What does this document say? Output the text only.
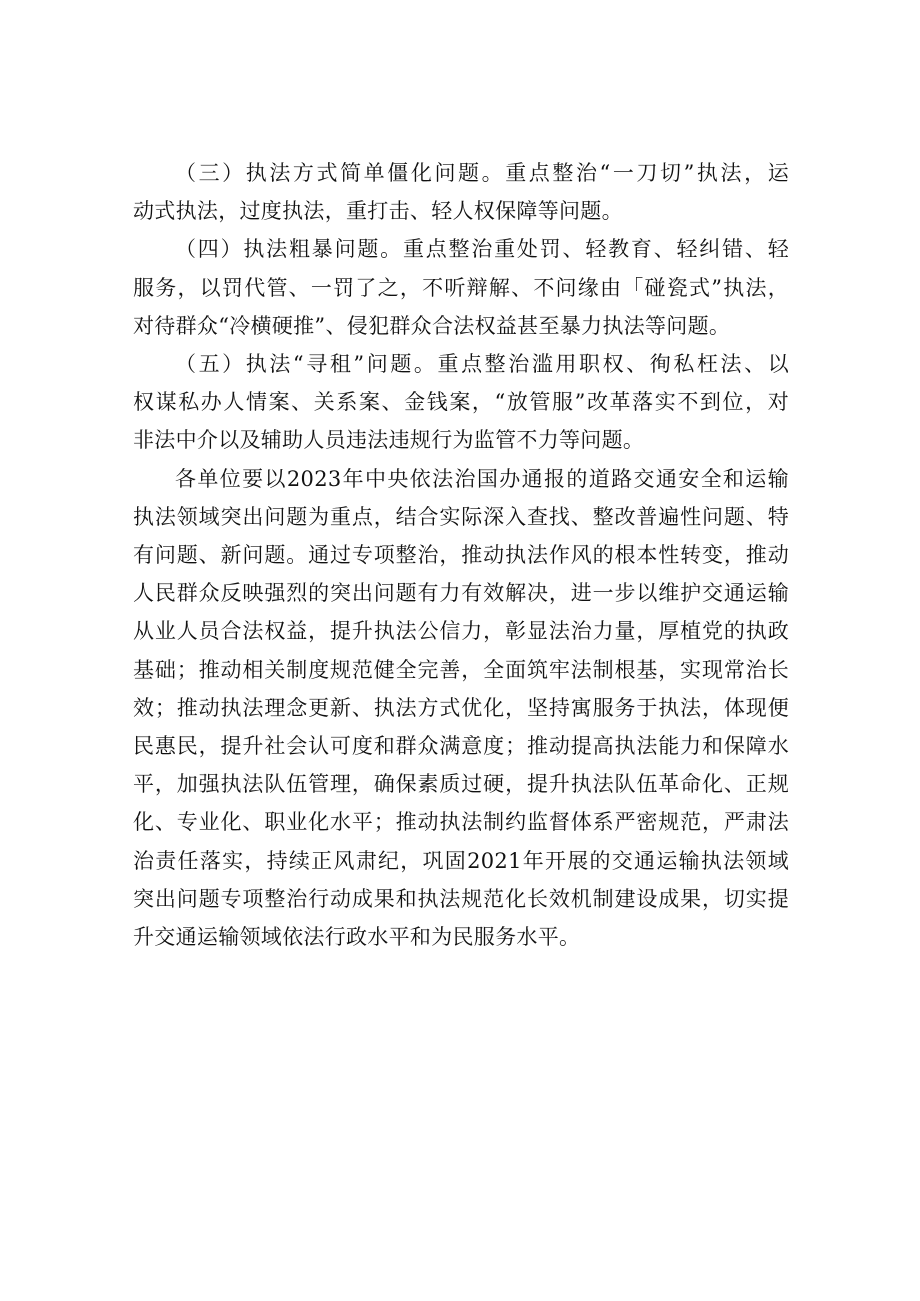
（三）执法方式简单僵化问题。重点整治“一刀切”执法，运
动式执法，过度执法，重打击、轻人权保障等问题。
（四）执法粗暴问题。重点整治重处罚、轻教育、轻纠错、轻
服务，以罚代管、一罚了之，不听辩解、不问缘由「碰瓷式”执法，
对待群众“冷横硬推”、侵犯群众合法权益甚至暴力执法等问题。
（五）执法“寻租”问题。重点整治滥用职权、徇私枉法、以
权谋私办人情案、关系案、金钱案，“放管服”改革落实不到位，对
非法中介以及辅助人员违法违规行为监管不力等问题。
各单位要以2023年中央依法治国办通报的道路交通安全和运输
执法领域突出问题为重点，结合实际深入查找、整改普遍性问题、特
有问题、新问题。通过专项整治，推动执法作风的根本性转变，推动
人民群众反映强烈的突出问题有力有效解决，进一步以维护交通运输
从业人员合法权益，提升执法公信力，彰显法治力量，厚植党的执政
基础；推动相关制度规范健全完善，全面筑牢法制根基，实现常治长
效；推动执法理念更新、执法方式优化，坚持寓服务于执法，体现便
民惠民，提升社会认可度和群众满意度；推动提高执法能力和保障水
平，加强执法队伍管理，确保素质过硬，提升执法队伍革命化、正规
化、专业化、职业化水平；推动执法制约监督体系严密规范，严肃法
治责任落实，持续正风肃纪，巩固2021年开展的交通运输执法领域
突出问题专项整治行动成果和执法规范化长效机制建设成果，切实提
升交通运输领域依法行政水平和为民服务水平。
